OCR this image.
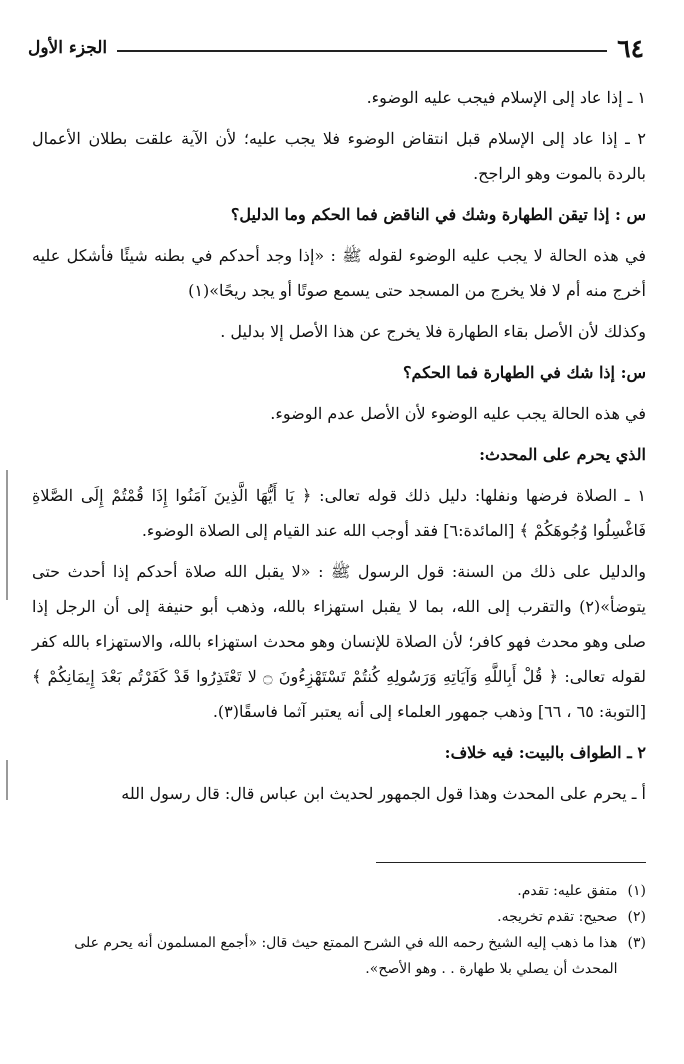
٦٤
الجزء الأول

١ ـ إذا عاد إلى الإسلام فيجب عليه الوضوء.

٢ ـ إذا عاد إلى الإسلام قبل انتقاض الوضوء فلا يجب عليه؛ لأن الآية علقت بطلان الأعمال بالردة بالموت وهو الراجح.

س : إذا تيقن الطهارة وشك في الناقض فما الحكم وما الدليل؟

في هذه الحالة لا يجب عليه الوضوء لقوله ﷺ : «إذا وجد أحدكم في بطنه شيئًا فأشكل عليه أخرج منه أم لا فلا يخرج من المسجد حتى يسمع صوتًا أو يجد ريحًا»(١)

وكذلك لأن الأصل بقاء الطهارة فلا يخرج عن هذا الأصل إلا بدليل .

س: إذا شك في الطهارة فما الحكم؟

في هذه الحالة يجب عليه الوضوء لأن الأصل عدم الوضوء.

الذي يحرم على المحدث:

١ ـ الصلاة فرضها ونفلها: دليل ذلك قوله تعالى: ﴿ يَا أَيُّهَا الَّذِينَ آمَنُوا إِذَا قُمْتُمْ إِلَى الصَّلاةِ فَاغْسِلُوا وُجُوهَكُمْ ﴾ [المائدة:٦] فقد أوجب الله عند القيام إلى الصلاة الوضوء.

والدليل على ذلك من السنة: قول الرسول ﷺ : «لا يقبل الله صلاة أحدكم إذا أحدث حتى يتوضأ»(٢) والتقرب إلى الله، بما لا يقبل استهزاء بالله، وذهب أبو حنيفة إلى أن الرجل إذا صلى وهو محدث فهو كافر؛ لأن الصلاة للإنسان وهو محدث استهزاء بالله، والاستهزاء بالله كفر لقوله تعالى: ﴿ قُلْ أَبِاللَّهِ وَآيَاتِهِ وَرَسُولِهِ كُنتُمْ تَسْتَهْزِءُونَ ۝ لا تَعْتَذِرُوا قَدْ كَفَرْتُم بَعْدَ إِيمَانِكُمْ ﴾ [التوبة: ٦٥ ، ٦٦] وذهب جمهور العلماء إلى أنه يعتبر آثما فاسقًا(٣).

٢ ـ الطواف بالبيت: فيه خلاف:

أ ـ يحرم على المحدث وهذا قول الجمهور لحديث ابن عباس قال: قال رسول الله

(١)
متفق عليه: تقدم.
(٢)
صحيح: تقدم تخريجه.
(٣)
هذا ما ذهب إليه الشيخ رحمه الله في الشرح الممتع حيث قال: «أجمع المسلمون أنه يحرم على المحدث أن يصلي بلا طهارة . . وهو الأصح».
